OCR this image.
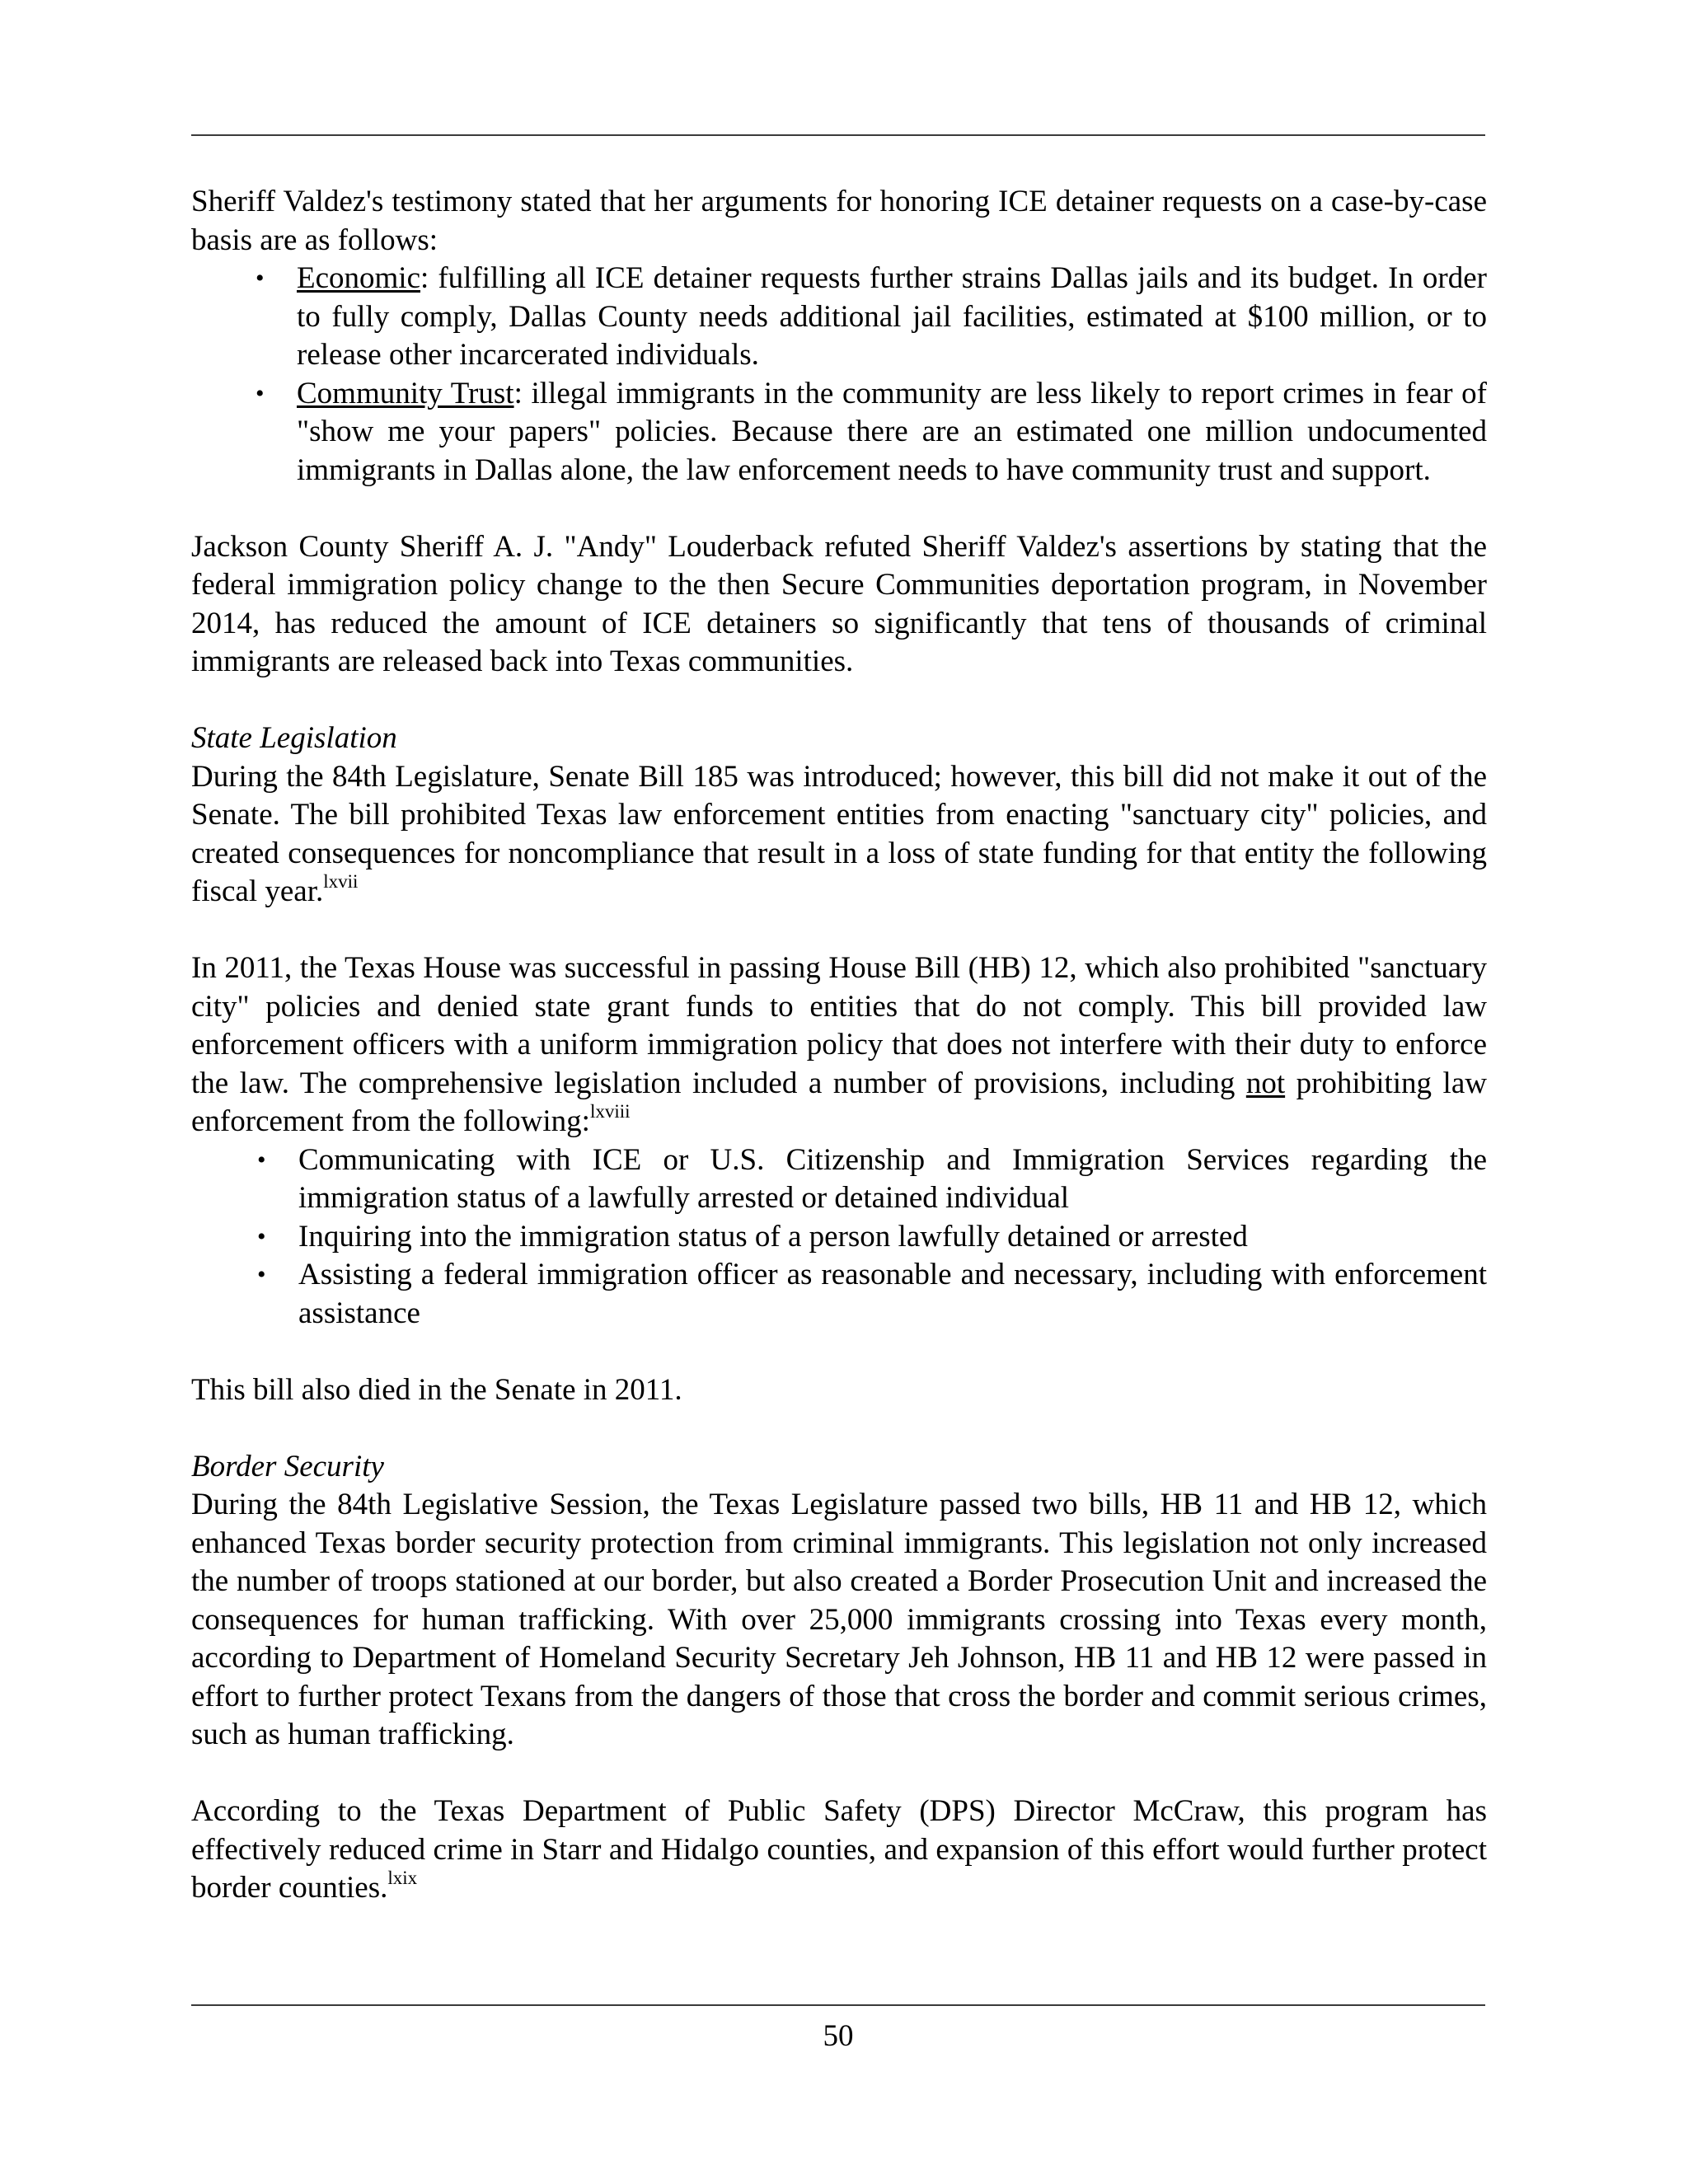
Sheriff Valdez's testimony stated that her arguments for honoring ICE detainer requests on a case-by-case basis are as follows:

• Economic: fulfilling all ICE detainer requests further strains Dallas jails and its budget. In order to fully comply, Dallas County needs additional jail facilities, estimated at $100 million, or to release other incarcerated individuals.
• Community Trust: illegal immigrants in the community are less likely to report crimes in fear of "show me your papers" policies. Because there are an estimated one million undocumented immigrants in Dallas alone, the law enforcement needs to have community trust and support.

Jackson County Sheriff A. J. "Andy" Louderback refuted Sheriff Valdez's assertions by stating that the federal immigration policy change to the then Secure Communities deportation program, in November 2014, has reduced the amount of ICE detainers so significantly that tens of thousands of criminal immigrants are released back into Texas communities.

State Legislation

During the 84th Legislature, Senate Bill 185 was introduced; however, this bill did not make it out of the Senate. The bill prohibited Texas law enforcement entities from enacting "sanctuary city" policies, and created consequences for noncompliance that result in a loss of state funding for that entity the following fiscal year.$^{lxvii}$

In 2011, the Texas House was successful in passing House Bill (HB) 12, which also prohibited "sanctuary city" policies and denied state grant funds to entities that do not comply. This bill provided law enforcement officers with a uniform immigration policy that does not interfere with their duty to enforce the law. The comprehensive legislation included a number of provisions, including not prohibiting law enforcement from the following:$^{lxviii}$

• Communicating with ICE or U.S. Citizenship and Immigration Services regarding the immigration status of a lawfully arrested or detained individual
• Inquiring into the immigration status of a person lawfully detained or arrested
• Assisting a federal immigration officer as reasonable and necessary, including with enforcement assistance

This bill also died in the Senate in 2011.

Border Security

During the 84th Legislative Session, the Texas Legislature passed two bills, HB 11 and HB 12, which enhanced Texas border security protection from criminal immigrants. This legislation not only increased the number of troops stationed at our border, but also created a Border Prosecution Unit and increased the consequences for human trafficking. With over 25,000 immigrants crossing into Texas every month, according to Department of Homeland Security Secretary Jeh Johnson, HB 11 and HB 12 were passed in effort to further protect Texans from the dangers of those that cross the border and commit serious crimes, such as human trafficking.

According to the Texas Department of Public Safety (DPS) Director McCraw, this program has effectively reduced crime in Starr and Hidalgo counties, and expansion of this effort would further protect border counties.$^{lxix}$

50
